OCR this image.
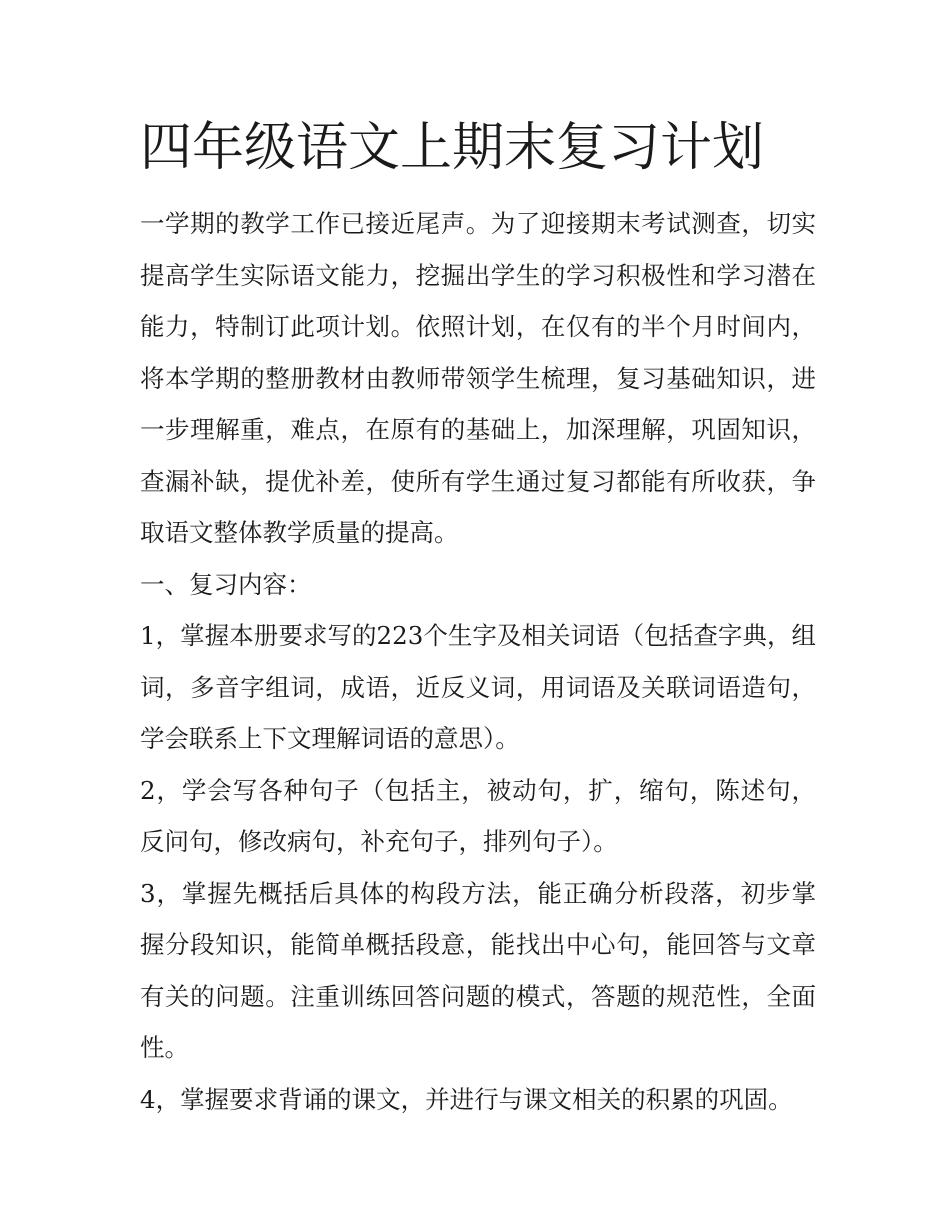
四年级语文上期末复习计划

一学期的教学工作已接近尾声。为了迎接期末考试测查，切实提高学生实际语文能力，挖掘出学生的学习积极性和学习潜在能力，特制订此项计划。依照计划，在仅有的半个月时间内，将本学期的整册教材由教师带领学生梳理，复习基础知识，进一步理解重，难点，在原有的基础上，加深理解，巩固知识，查漏补缺，提优补差，使所有学生通过复习都能有所收获，争取语文整体教学质量的提高。

一、复习内容：

1，掌握本册要求写的223个生字及相关词语（包括查字典，组词，多音字组词，成语，近反义词，用词语及关联词语造句，学会联系上下文理解词语的意思）。

2，学会写各种句子（包括主，被动句，扩，缩句，陈述句，反问句，修改病句，补充句子，排列句子）。

3，掌握先概括后具体的构段方法，能正确分析段落，初步掌握分段知识，能简单概括段意，能找出中心句，能回答与文章有关的问题。注重训练回答问题的模式，答题的规范性，全面性。

4，掌握要求背诵的课文，并进行与课文相关的积累的巩固。
